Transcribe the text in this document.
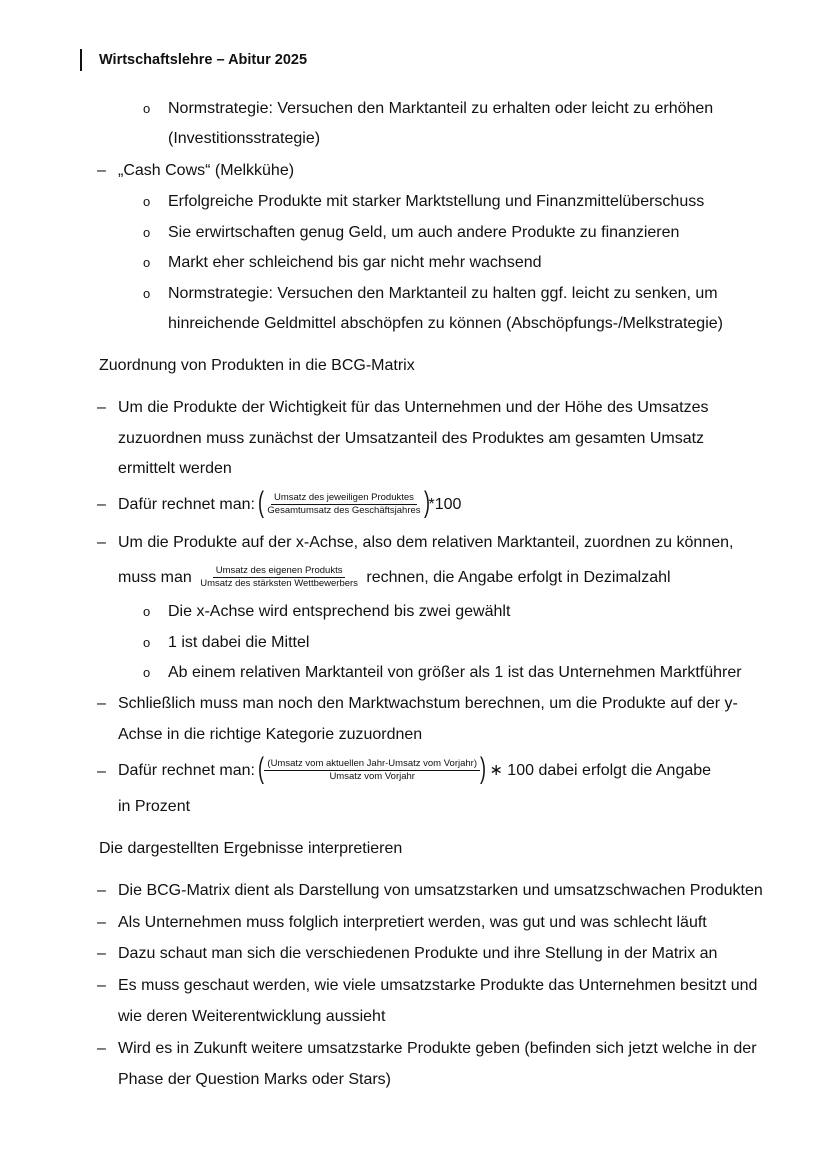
Wirtschaftslehre – Abitur 2025
o Normstrategie: Versuchen den Marktanteil zu erhalten oder leicht zu erhöhen
(Investitionsstrategie)
– „Cash Cows“ (Melkkühe)
o Erfolgreiche Produkte mit starker Marktstellung und Finanzmittelüberschuss
o Sie erwirtschaften genug Geld, um auch andere Produkte zu finanzieren
o Markt eher schleichend bis gar nicht mehr wachsend
o Normstrategie: Versuchen den Marktanteil zu halten ggf. leicht zu senken, um
hinreichende Geldmittel abschöpfen zu können (Abschöpfungs-/Melkstrategie)
Zuordnung von Produkten in die BCG-Matrix
– Um die Produkte der Wichtigkeit für das Unternehmen und der Höhe des Umsatzes
zuzuordnen muss zunächst der Umsatzanteil des Produktes am gesamten Umsatz
ermittelt werden
– Dafür rechnet man: ( $\frac{\text{Umsatz des jeweiligen Produktes}}{\text{Gesamtumsatz des Geschäftsjahres}} )*100$
– Um die Produkte auf der x-Achse, also dem relativen Marktanteil, zuordnen zu können,
muss man $\frac{\text{Umsatz des eigenen Produkts}}{\text{Umsatz des stärksten Wettbewerbers}}$ rechnen, die Angabe erfolgt in Dezimalzahl
o Die x-Achse wird entsprechend bis zwei gewählt
o 1 ist dabei die Mittel
o Ab einem relativen Marktanteil von größer als 1 ist das Unternehmen Marktführer
– Schließlich muss man noch den Marktwachstum berechnen, um die Produkte auf der y-
Achse in die richtige Kategorie zuzuordnen
– Dafür rechnet man: ( $\frac{\text{(Umsatz vom aktuellen Jahr-Umsatz vom Vorjahr)}}{\text{Umsatz vom Vorjahr}}$ ) ∗ 100 dabei erfolgt die Angabe
in Prozent
Die dargestellten Ergebnisse interpretieren
– Die BCG-Matrix dient als Darstellung von umsatzstarken und umsatzschwachen Produkten
– Als Unternehmen muss folglich interpretiert werden, was gut und was schlecht läuft
– Dazu schaut man sich die verschiedenen Produkte und ihre Stellung in der Matrix an
– Es muss geschaut werden, wie viele umsatzstarke Produkte das Unternehmen besitzt und
wie deren Weiterentwicklung aussieht
– Wird es in Zukunft weitere umsatzstarke Produkte geben (befinden sich jetzt welche in der
Phase der Question Marks oder Stars)
